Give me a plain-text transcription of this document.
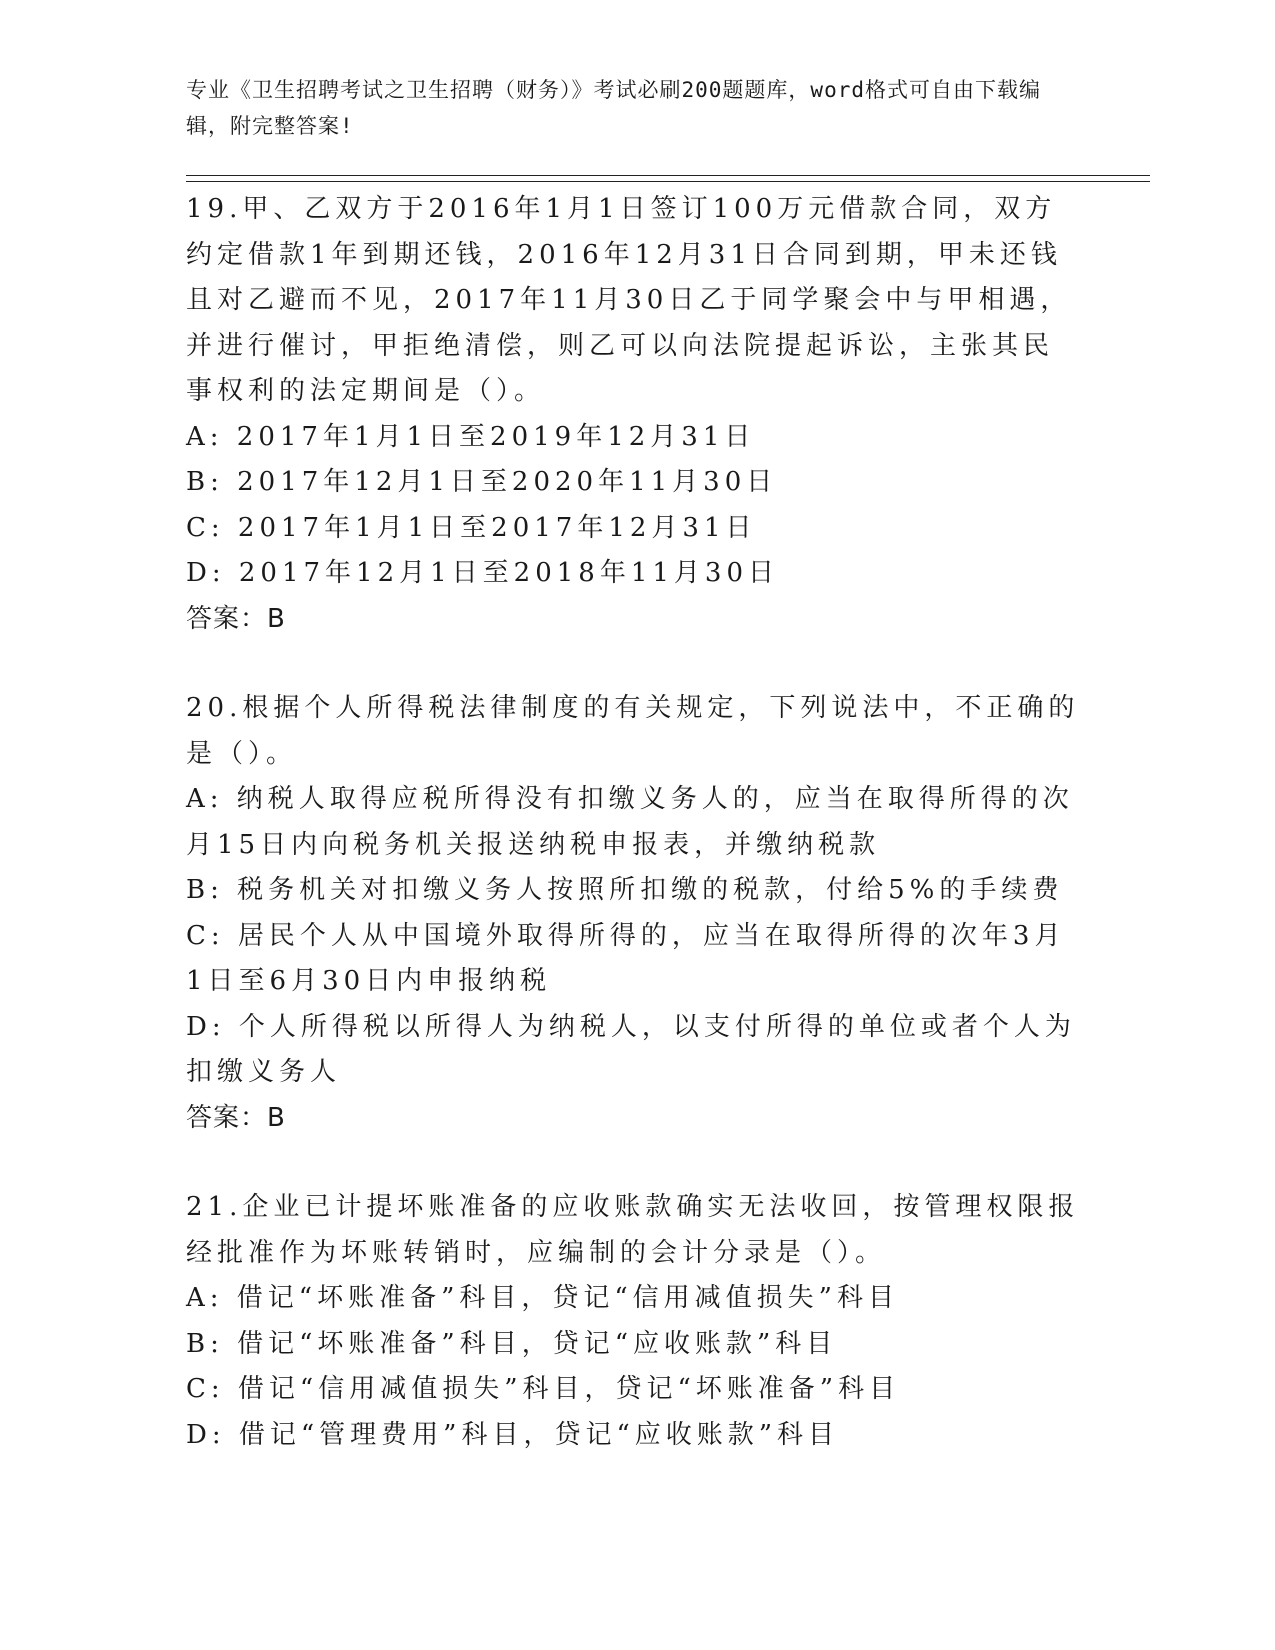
专业《卫生招聘考试之卫生招聘（财务）》考试必刷200题题库，word格式可自由下载编辑，附完整答案!
19.甲、乙双方于2016年1月1日签订100万元借款合同，双方约定借款1年到期还钱，2016年12月31日合同到期，甲未还钱且对乙避而不见，2017年11月30日乙于同学聚会中与甲相遇，并进行催讨，甲拒绝清偿，则乙可以向法院提起诉讼，主张其民事权利的法定期间是（）。
A: 2017年1月1日至2019年12月31日
B: 2017年12月1日至2020年11月30日
C: 2017年1月1日至2017年12月31日
D: 2017年12月1日至2018年11月30日
答案：B
20.根据个人所得税法律制度的有关规定，下列说法中，不正确的是（）。
A: 纳税人取得应税所得没有扣缴义务人的，应当在取得所得的次月15日内向税务机关报送纳税申报表，并缴纳税款
B: 税务机关对扣缴义务人按照所扣缴的税款，付给5%的手续费
C: 居民个人从中国境外取得所得的，应当在取得所得的次年3月1日至6月30日内申报纳税
D: 个人所得税以所得人为纳税人，以支付所得的单位或者个人为扣缴义务人
答案：B
21.企业已计提坏账准备的应收账款确实无法收回，按管理权限报经批准作为坏账转销时，应编制的会计分录是（）。
A: 借记“坏账准备”科目，贷记“信用减值损失”科目
B: 借记“坏账准备”科目，贷记“应收账款”科目
C: 借记“信用减值损失”科目，贷记“坏账准备”科目
D: 借记“管理费用”科目，贷记“应收账款”科目
